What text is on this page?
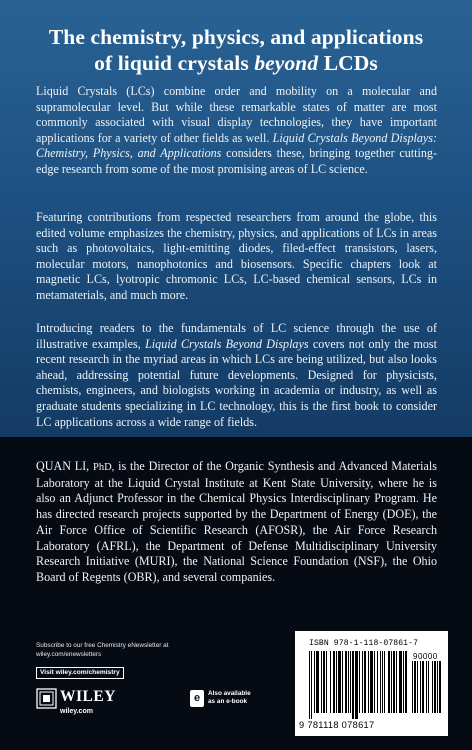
The chemistry, physics, and applications
of liquid crystals beyond LCDs
Liquid Crystals (LCs) combine order and mobility on a molecular and supramolecular level. But while these remarkable states of matter are most commonly associated with visual display technologies, they have important applications for a variety of other fields as well. Liquid Crystals Beyond Displays: Chemistry, Physics, and Applications considers these, bringing together cutting-edge research from some of the most promising areas of LC science.
Featuring contributions from respected researchers from around the globe, this edited volume emphasizes the chemistry, physics, and applications of LCs in areas such as photovoltaics, light-emitting diodes, filed-effect transistors, lasers, molecular motors, nanophotonics and biosensors. Specific chapters look at magnetic LCs, lyotropic chromonic LCs, LC-based chemical sensors, LCs in metamaterials, and much more.
Introducing readers to the fundamentals of LC science through the use of illustrative examples, Liquid Crystals Beyond Displays covers not only the most recent research in the myriad areas in which LCs are being utilized, but also looks ahead, addressing potential future developments. Designed for physicists, chemists, engineers, and biologists working in academia or industry, as well as graduate students specializing in LC technology, this is the first book to consider LC applications across a wide range of fields.
QUAN LI, PhD, is the Director of the Organic Synthesis and Advanced Materials Laboratory at the Liquid Crystal Institute at Kent State University, where he is also an Adjunct Professor in the Chemical Physics Interdisciplinary Program. He has directed research projects supported by the Department of Energy (DOE), the Air Force Office of Scientific Research (AFOSR), the Air Force Research Laboratory (AFRL), the Department of Defense Multidisciplinary University Research Initiative (MURI), the National Science Foundation (NSF), the Ohio Board of Regents (OBR), and several companies.
Subscribe to our free Chemistry eNewsletter at
wiley.com/enewsletters
Visit wiley.com/chemistry
WILEY
wiley.com
e	Also available
as an e-book
ISBN 978-1-118-07861-7
90000
9 781118 078617
